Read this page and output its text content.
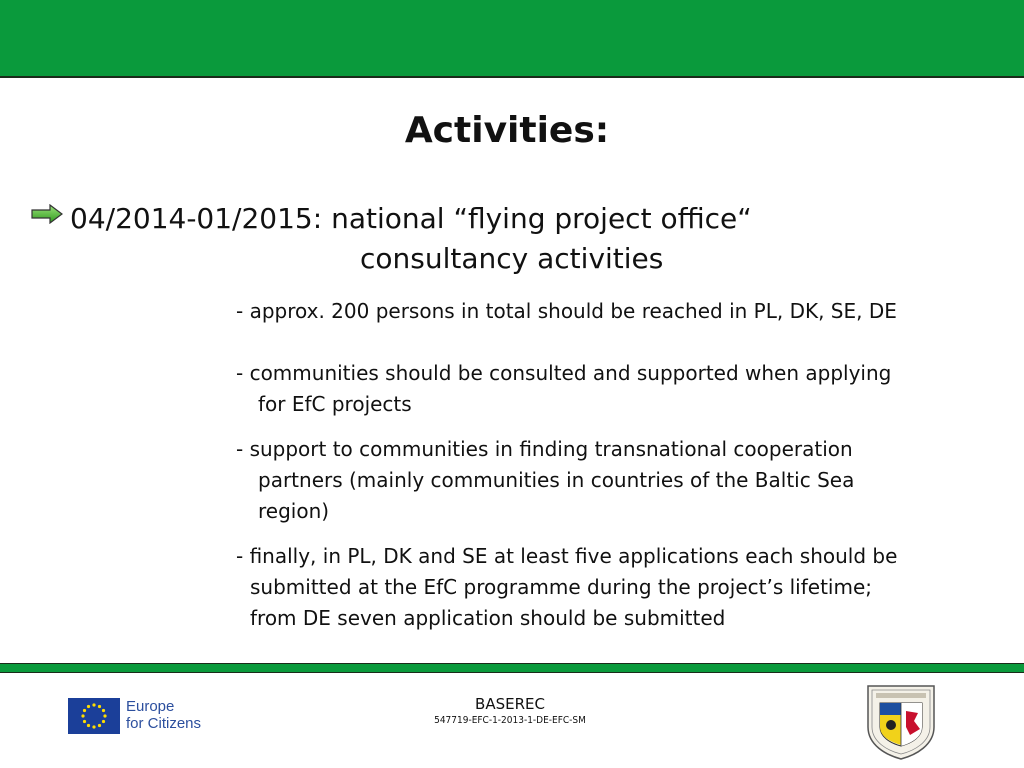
Activities:
04/2014-01/2015: national “flying project office“
consultancy activities
- approx. 200 persons in total should be reached in PL, DK, SE, DE
- communities should be consulted and supported when applying
for EfC projects
- support to communities in finding transnational cooperation
partners (mainly communities in countries of the Baltic Sea
region)
- finally, in PL, DK and SE at least five applications each should be
submitted at the EfC programme during the project’s lifetime;
from DE seven application should be submitted
Europe
for Citizens
BASEREC
547719-EFC-1-2013-1-DE-EFC-SM
